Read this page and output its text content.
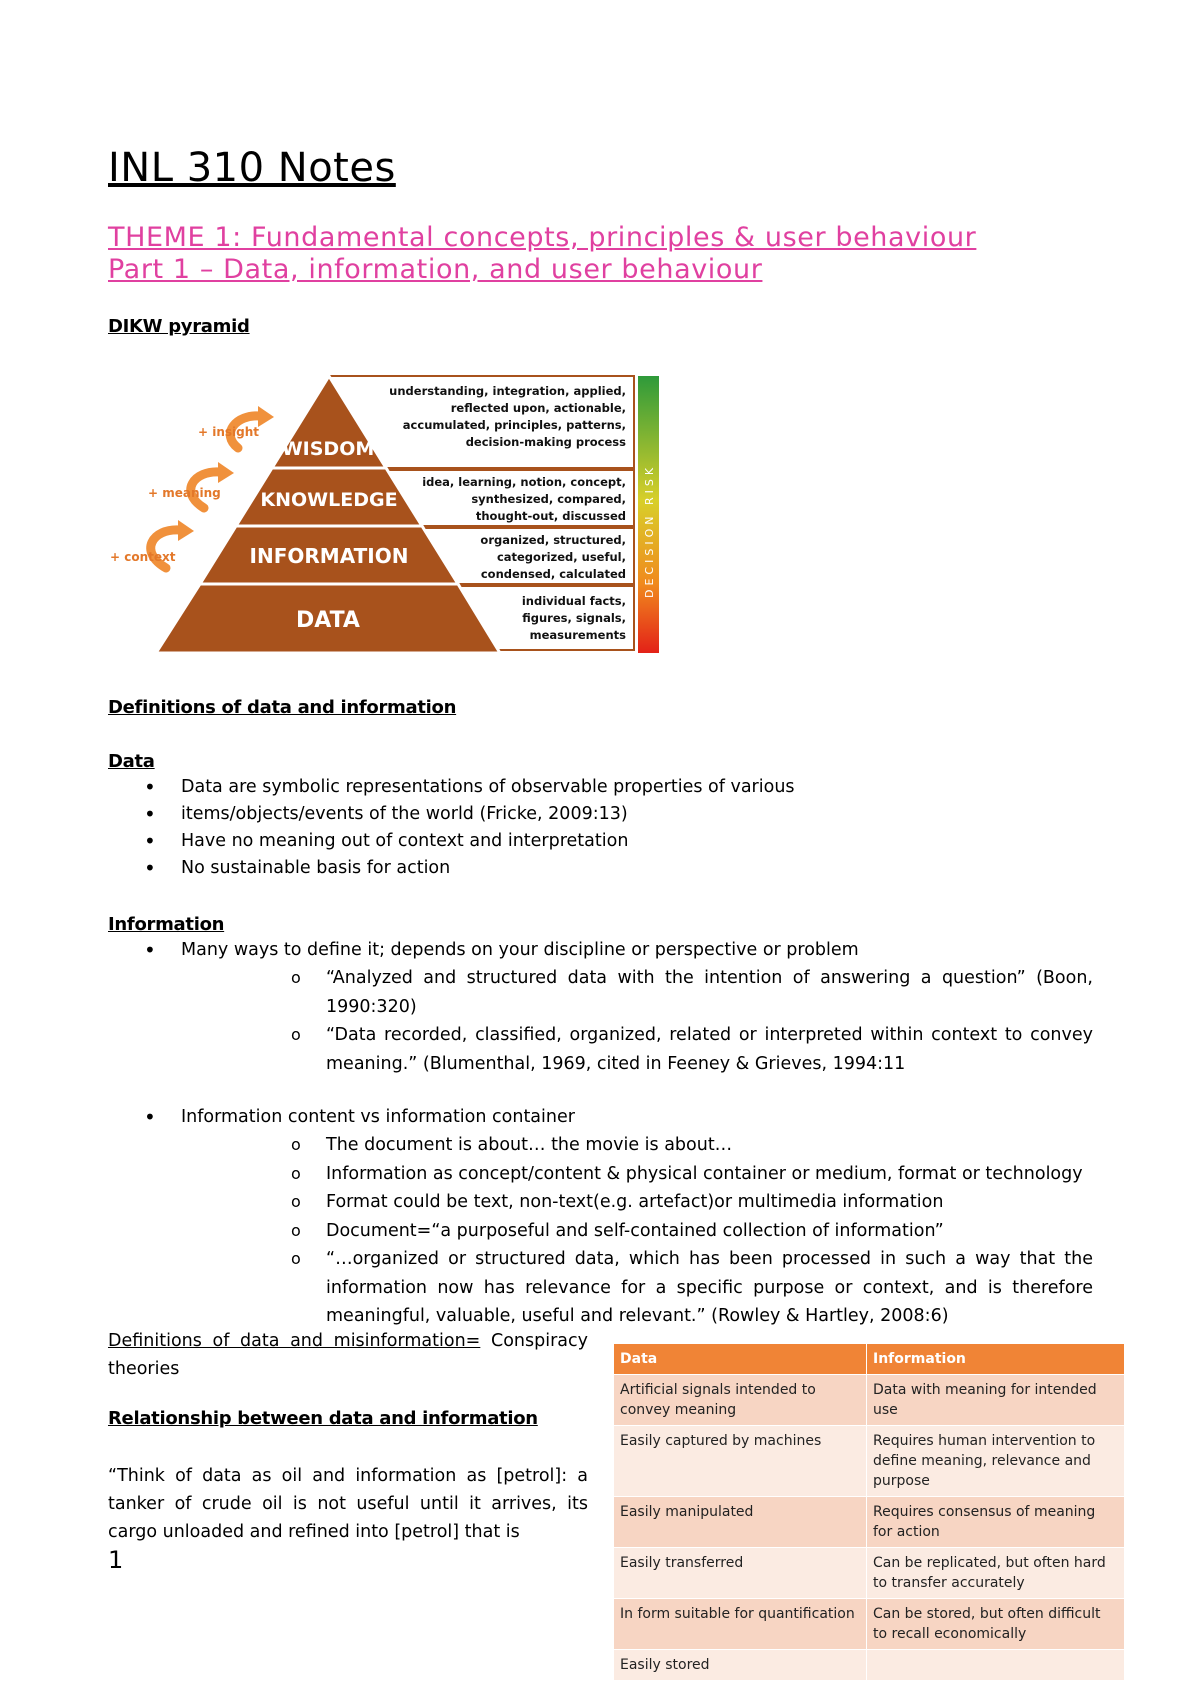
INL 310 Notes
THEME 1: Fundamental concepts, principles & user behaviour
Part 1 – Data, information, and user behaviour
DIKW pyramid
WISDOM
KNOWLEDGE
INFORMATION
DATA
understanding, integration, applied,
reflected upon, actionable,
accumulated, principles, patterns,
decision-making process
idea, learning, notion, concept,
synthesized, compared,
thought-out, discussed
organized, structured,
categorized, useful,
condensed, calculated
individual facts,
figures, signals,
measurements
DECISION RISK
+ insight
+ meaning
+ context
Definitions of data and information
Data
• Data are symbolic representations of observable properties of various
• items/objects/events of the world (Fricke, 2009:13)
• Have no meaning out of context and interpretation
• No sustainable basis for action
Information
• Many ways to define it; depends on your discipline or perspective or problem
o “Analyzed and structured data with the intention of answering a question” (Boon, 1990:320)
o “Data recorded, classified, organized, related or interpreted within context to convey meaning.” (Blumenthal, 1969, cited in Feeney & Grieves, 1994:11
• Information content vs information container
o The document is about… the movie is about…
o Information as concept/content & physical container or medium, format or technology
o Format could be text, non-text(e.g. artefact)or multimedia information
o Document=“a purposeful and self-contained collection of information”
o “…organized or structured data, which has been processed in such a way that the information now has relevance for a specific purpose or context, and is therefore meaningful, valuable, useful and relevant.” (Rowley & Hartley, 2008:6)
Definitions of data and misinformation= Conspiracy theories
Relationship between data and information
“Think of data as oil and information as [petrol]: a tanker of crude oil is not useful until it arrives, its cargo unloaded and refined into [petrol] that is
1
Data	Information
Artificial signals intended to convey meaning	Data with meaning for intended use
Easily captured by machines	Requires human intervention to define meaning, relevance and purpose
Easily manipulated	Requires consensus of meaning for action
Easily transferred	Can be replicated, but often hard to transfer accurately
In form suitable for quantification	Can be stored, but often difficult to recall economically
Easily stored	
